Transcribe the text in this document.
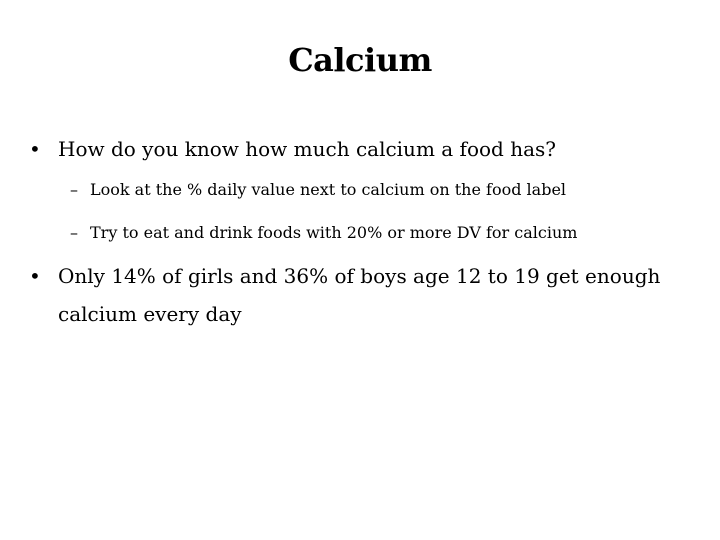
Calcium
• How do you know how much calcium a food has?
– Look at the % daily value next to calcium on the food label
– Try to eat and drink foods with 20% or more DV for calcium
• Only 14% of girls and 36% of boys age 12 to 19 get enough calcium every day
